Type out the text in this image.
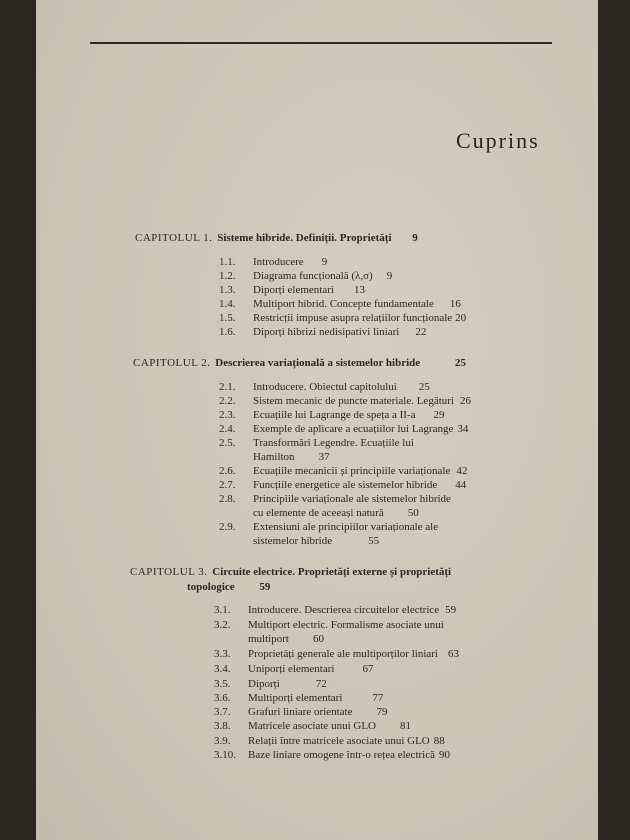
Cuprins
CAPITOLUL 1. Sisteme hibride. Definiții. Proprietăți 9
1.1. Introducere 9
1.2. Diagrama funcțională (λ,σ) 9
1.3. Diporți elementari 13
1.4. Multiport hibrid. Concepte fundamentale 16
1.5. Restricții impuse asupra relațiilor funcționale 20
1.6. Diporți hibrizi nedisipativi liniari 22
CAPITOLUL 2. Descrierea variațională a sistemelor hibride	25
2.1. Introducere. Obiectul capitolului 25
2.2. Sistem mecanic de puncte materiale. Legături 26
2.3. Ecuațiile lui Lagrange de speța a II-a 29
2.4. Exemple de aplicare a ecuațiilor lui Lagrange 34
2.5. Transformări Legendre. Ecuațiile lui
Hamilton 37
2.6. Ecuațiile mecanicii și principiile variaționale 42
2.7. Funcțiile energetice ale sistemelor hibride 44
2.8. Principiile variaționale ale sistemelor hibride
cu elemente de aceeași natură 50
2.9. Extensiuni ale principiilor variaționale ale
sistemelor hibride	55
CAPITOLUL 3. Circuite electrice. Proprietăți externe și proprietăți
topologice 59
3.1. Introducere. Descrierea circuitelor electrice 59
3.2. Multiport electric. Formalisme asociate unui
multiport 60
3.3. Proprietăți generale ale multiporților liniari 63
3.4. Uniporți elementari	67
3.5. Diporți	72
3.6. Multiporți elementari	77
3.7. Grafuri liniare orientate 79
3.8. Matricele asociate unui GLO 81
3.9. Relații între matricele asociate unui GLO 88
3.10. Baze liniare omogene într-o rețea electrică 90
